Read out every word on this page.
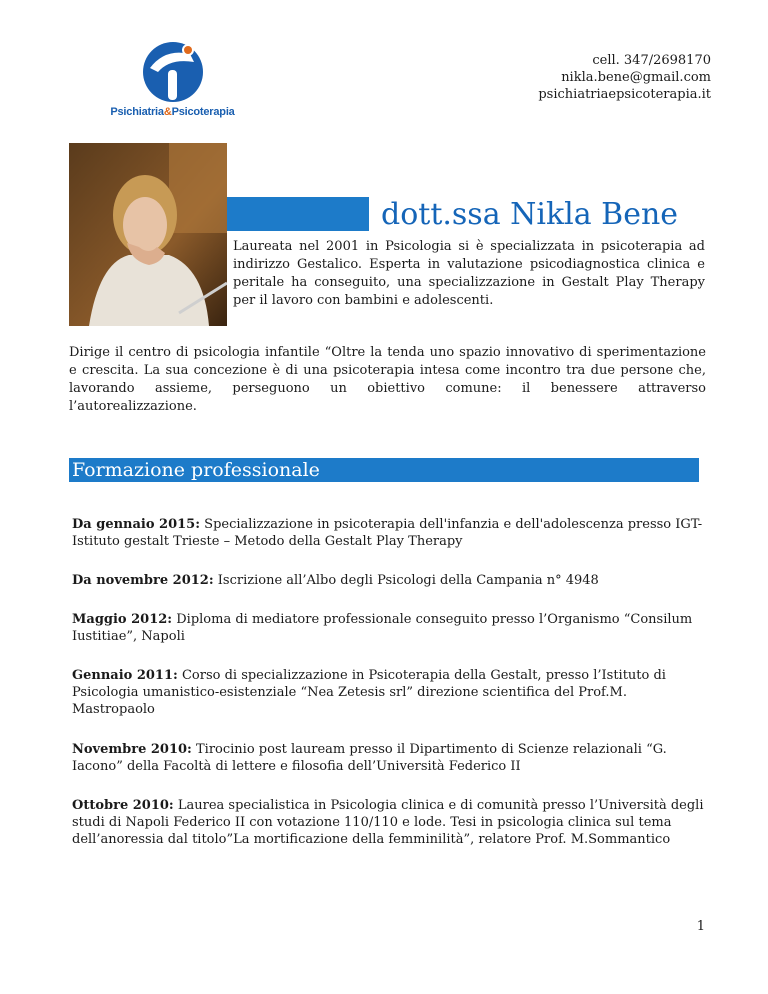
Psichiatria&Psicoterapia
cell. 347/2698170
nikla.bene@gmail.com
psichiatriaepsicoterapia.it
dott.ssa Nikla Bene
Laureata nel 2001 in Psicologia si è specializzata in psicoterapia ad indirizzo Gestalico. Esperta in valutazione psicodiagnostica clinica e peritale ha conseguito, una specializzazione in Gestalt Play Therapy per il lavoro con bambini e adolescenti.
Dirige il centro di psicologia infantile “Oltre la tenda uno spazio innovativo di sperimentazione e crescita. La sua concezione è di una psicoterapia intesa come incontro tra due persone che, lavorando assieme, perseguono un obiettivo comune: il benessere attraverso l’autorealizzazione.
Formazione professionale
Da gennaio 2015: Specializzazione in psicoterapia dell'infanzia e dell'adolescenza presso IGT- Istituto gestalt Trieste – Metodo della Gestalt Play Therapy
Da novembre 2012: Iscrizione all’Albo degli Psicologi della Campania n° 4948
Maggio 2012: Diploma di mediatore professionale conseguito presso l’Organismo “Consilum Iustitiae”, Napoli
Gennaio 2011: Corso di specializzazione in Psicoterapia della Gestalt, presso l’Istituto di Psicologia umanistico-esistenziale “Nea Zetesis srl” direzione scientifica del Prof.M. Mastropaolo
Novembre 2010: Tirocinio post lauream presso il Dipartimento di Scienze relazionali “G. Iacono” della Facoltà di lettere e filosofia dell’Università Federico II
Ottobre 2010: Laurea specialistica in Psicologia clinica e di comunità presso l’Università degli studi di Napoli Federico II con votazione 110/110 e lode. Tesi in psicologia clinica sul tema dell’anoressia dal titolo”La mortificazione della femminilità”, relatore Prof. M.Sommantico
1
